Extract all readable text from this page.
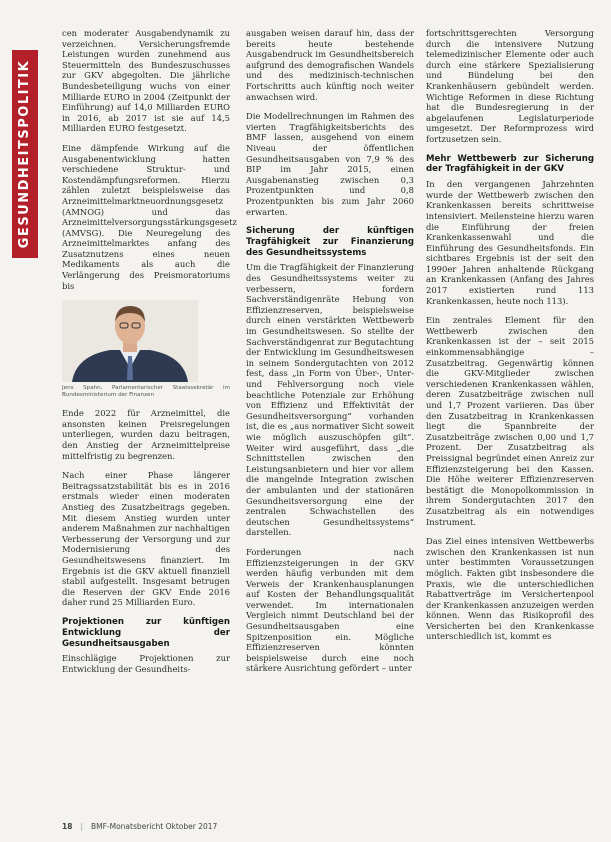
GESUNDHEITSPOLITIK

cen moderater Ausgabendynamik zu verzeichnen. Versicherungsfremde Leistungen wurden zunehmend aus Steuermitteln des Bundeszuschusses zur GKV abgegolten. Die jährliche Bundesbeteiligung wuchs von einer Milliarde EURO in 2004 (Zeitpunkt der Einführung) auf 14,0 Milliarden EURO in 2016, ab 2017 ist sie auf 14,5 Milliarden EURO festgesetzt.

Eine dämpfende Wirkung auf die Ausgabenentwicklung hatten verschiedene Struktur- und Kostendämpfungsreformen. Hierzu zählen zuletzt beispielsweise das Arzneimittelmarktneuordnungsgesetz (AMNOG) und das Arzneimittelversorgungsstärkungsgesetz (AMVSG). Die Neuregelung des Arzneimittelmarktes anfang des Zusatznutzens eines neuen Medikaments als auch die Verlängerung des Preismoratoriums bis

Jens Spahn, Parlamentarischer Staatssekretär im Bundesministerium der Finanzen

Ende 2022 für Arzneimittel, die ansonsten keinen Preisregelungen unterliegen, wurden dazu beitragen, den Anstieg der Arzneimittelpreise mittelfristig zu begrenzen.

Nach einer Phase längerer Beitragssatzstabilität bis es in 2016 erstmals wieder einen moderaten Anstieg des Zusatzbeitrags gegeben. Mit diesem Anstieg wurden unter anderem Maßnahmen zur nachhaltigen Verbesserung der Versorgung und zur Modernisierung des Gesundheitswesens finanziert. Im Ergebnis ist die GKV aktuell finanziell stabil aufgestellt. Insgesamt betrugen die Reserven der GKV Ende 2016 daher rund 25 Milliarden Euro.

Projektionen zur künftigen Entwicklung der Gesundheitsausgaben

Einschlägige Projektionen zur Entwicklung der Gesundheits-

ausgaben weisen darauf hin, dass der bereits heute bestehende Ausgabendruck im Gesundheitsbereich aufgrund des demografischen Wandels und des medizinisch-technischen Fortschritts auch künftig noch weiter anwachsen wird.

Die Modellrechnungen im Rahmen des vierten Tragfähigkeitsberichts des BMF lassen, ausgehend von einem Niveau der öffentlichen Gesundheitsausgaben von 7,9 % des BIP im Jahr 2015, einen Ausgabenanstieg zwischen 0,3 Prozentpunkten und 0,8 Prozentpunkten bis zum Jahr 2060 erwarten.

Sicherung der künftigen Tragfähigkeit zur Finanzierung des Gesundheitssystems

Um die Tragfähigkeit der Finanzierung des Gesundheitssystems weiter zu verbessern, fordern Sachverständigenräte Hebung von Effizienzreserven, beispielsweise durch einen verstärkten Wettbewerb im Gesundheitswesen. So stellte der Sachverständigenrat zur Begutachtung der Entwicklung im Gesundheitswesen in seinem Sondergutachten von 2012 fest, dass „in Form von Über-, Unter- und Fehlversorgung noch viele beachtliche Potenziale zur Erhöhung von Effizienz und Effektivität der Gesundheitsversorgung“ vorhanden ist, die es „aus normativer Sicht soweit wie möglich auszuschöpfen gilt“. Weiter wird ausgeführt, dass „die Schnittstellen zwischen den Leistungsanbietern und hier vor allem die mangelnde Integration zwischen der ambulanten und der stationären Gesundheitsversorgung eine der zentralen Schwachstellen des deutschen Gesundheitssystems“ darstellen.

Forderungen nach Effizienzsteigerungen in der GKV werden häufig verbunden mit dem Verweis der Krankenhausplanungen auf Kosten der Behandlungsqualität verwendet. Im internationalen Vergleich nimmt Deutschland bei der Gesundheitsausgaben eine Spitzenposition ein. Mögliche Effizienzreserven könnten beispielsweise durch eine noch stärkere Ausrichtung gefördert – unter

fortschrittsgerechten Versorgung durch die intensivere Nutzung telemedizinischer Elemente oder auch durch eine stärkere Spezialisierung und Bündelung bei den Krankenhäusern gebündelt werden. Wichtige Reformen in diese Richtung hat die Bundesregierung in der abgelaufenen Legislaturperiode umgesetzt. Der Reformprozess wird fortzusetzen sein.

Mehr Wettbewerb zur Sicherung der Tragfähigkeit in der GKV

In den vergangenen Jahrzehnten wurde der Wettbewerb zwischen den Krankenkassen bereits schrittweise intensiviert. Meilensteine hierzu waren die Einführung der freien Krankenkassenwahl und die Einführung des Gesundheitsfonds. Ein sichtbares Ergebnis ist der seit den 1990er Jahren anhaltende Rückgang an Krankenkassen (Anfang des Jahres 2017 existierten rund 113 Krankenkassen, heute noch 113).

Ein zentrales Element für den Wettbewerb zwischen den Krankenkassen ist der – seit 2015 einkommensabhängige – Zusatzbeitrag. Gegenwärtig können die GKV-Mitglieder zwischen verschiedenen Krankenkassen wählen, deren Zusatzbeiträge zwischen null und 1,7 Prozent variieren. Das über den Zusatzbeitrag in Krankenkassen liegt die Spannbreite der Zusatzbeiträge zwischen 0,00 und 1,7 Prozent. Der Zusatzbeitrag als Preissignal begründet einen Anreiz zur Effizienzsteigerung bei den Kassen. Die Höhe weiterer Effizienzreserven bestätigt die Monopolkommission in ihrem Sondergutachten 2017 den Zusatzbeitrag als ein notwendiges Instrument.

Das Ziel eines intensiven Wettbewerbs zwischen den Krankenkassen ist nun unter bestimmten Voraussetzungen möglich. Fakten gibt insbesondere die Praxis, wie die unterschiedlichen Rabattverträge im Versichertenpool der Krankenkassen anzuzeigen werden können. Wenn das Risikoprofil des Versicherten bei den Krankenkasse unterschiedlich ist, kommt es

18 | BMF-Monatsbericht Oktober 2017
